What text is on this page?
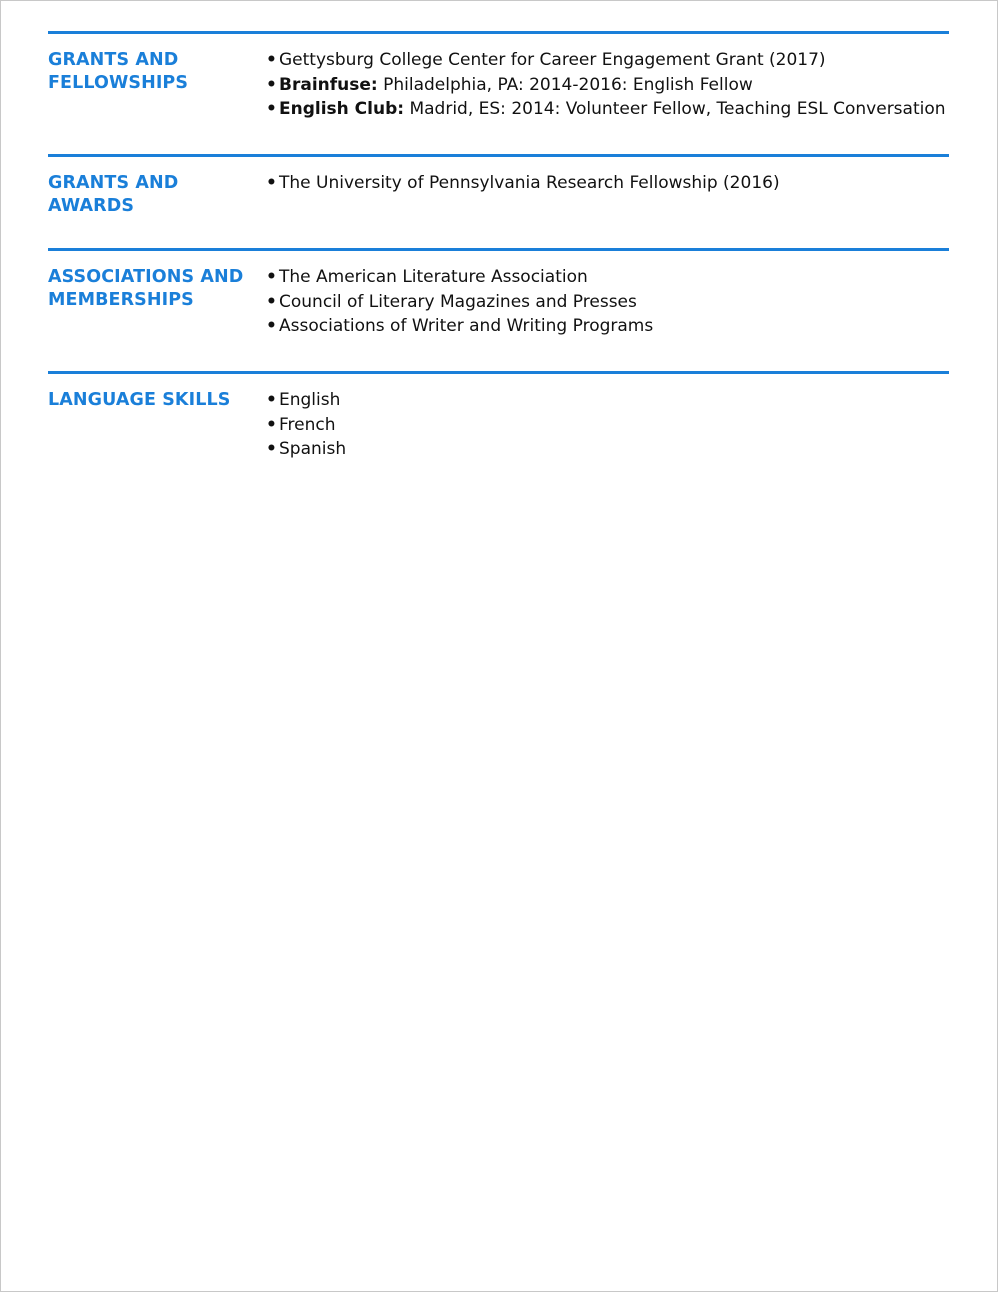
GRANTS AND FELLOWSHIPS
• Gettysburg College Center for Career Engagement Grant (2017)
• Brainfuse: Philadelphia, PA: 2014-2016: English Fellow
• English Club: Madrid, ES: 2014: Volunteer Fellow, Teaching ESL Conversation
GRANTS AND AWARDS
• The University of Pennsylvania Research Fellowship (2016)
ASSOCIATIONS AND MEMBERSHIPS
• The American Literature Association
• Council of Literary Magazines and Presses
• Associations of Writer and Writing Programs
LANGUAGE SKILLS	• English
• French
• Spanish
